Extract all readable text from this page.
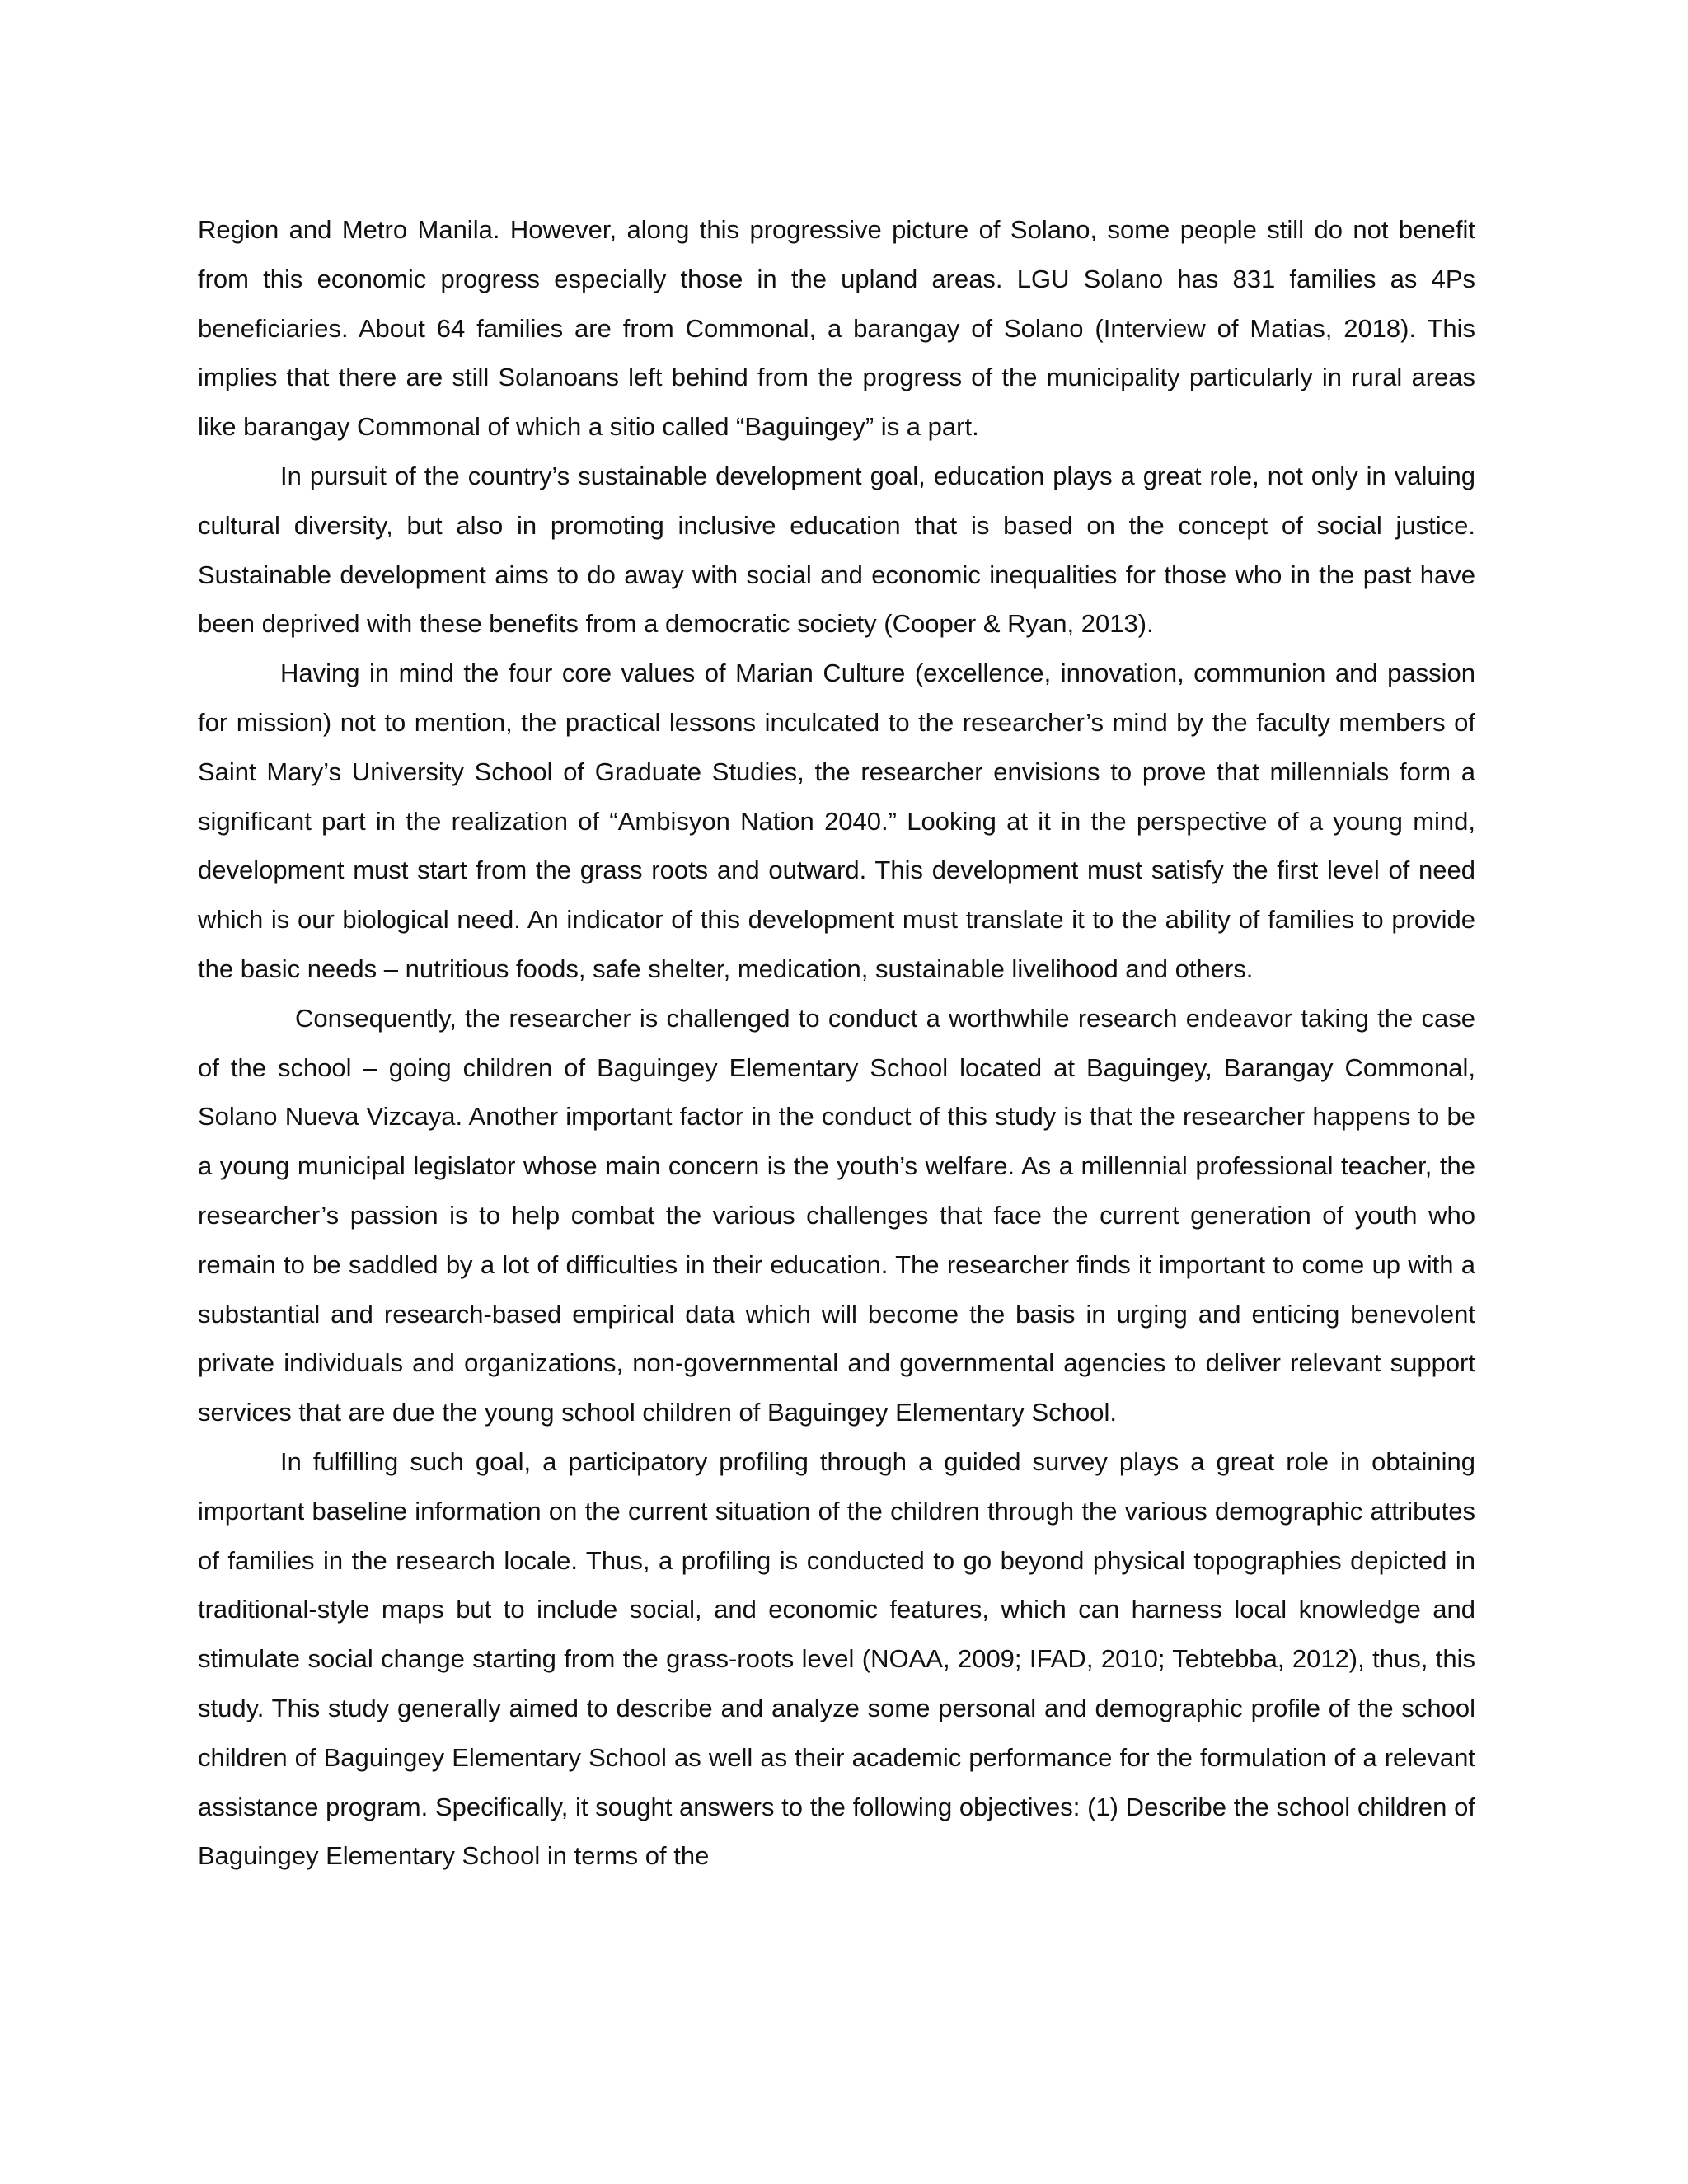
Region and Metro Manila. However, along this progressive picture of Solano, some people still do not benefit from this economic progress especially those in the upland areas. LGU Solano has 831 families as 4Ps beneficiaries. About 64 families are from Commonal, a barangay of Solano (Interview of Matias, 2018). This implies that there are still Solanoans left behind from the progress of the municipality particularly in rural areas like barangay Commonal of which a sitio called “Baguingey” is a part.

In pursuit of the country’s sustainable development goal, education plays a great role, not only in valuing cultural diversity, but also in promoting inclusive education that is based on the concept of social justice. Sustainable development aims to do away with social and economic inequalities for those who in the past have been deprived with these benefits from a democratic society (Cooper & Ryan, 2013).

Having in mind the four core values of Marian Culture (excellence, innovation, communion and passion for mission) not to mention, the practical lessons inculcated to the researcher’s mind by the faculty members of Saint Mary’s University School of Graduate Studies, the researcher envisions to prove that millennials form a significant part in the realization of “Ambisyon Nation 2040.” Looking at it in the perspective of a young mind, development must start from the grass roots and outward. This development must satisfy the first level of need which is our biological need. An indicator of this development must translate it to the ability of families to provide the basic needs – nutritious foods, safe shelter, medication, sustainable livelihood and others.

Consequently, the researcher is challenged to conduct a worthwhile research endeavor taking the case of the school – going children of Baguingey Elementary School located at Baguingey, Barangay Commonal, Solano Nueva Vizcaya. Another important factor in the conduct of this study is that the researcher happens to be a young municipal legislator whose main concern is the youth’s welfare. As a millennial professional teacher, the researcher’s passion is to help combat the various challenges that face the current generation of youth who remain to be saddled by a lot of difficulties in their education. The researcher finds it important to come up with a substantial and research-based empirical data which will become the basis in urging and enticing benevolent private individuals and organizations, non-governmental and governmental agencies to deliver relevant support services that are due the young school children of Baguingey Elementary School.

In fulfilling such goal, a participatory profiling through a guided survey plays a great role in obtaining important baseline information on the current situation of the children through the various demographic attributes of families in the research locale. Thus, a profiling is conducted to go beyond physical topographies depicted in traditional-style maps but to include social, and economic features, which can harness local knowledge and stimulate social change starting from the grass-roots level (NOAA, 2009; IFAD, 2010; Tebtebba, 2012), thus, this study. This study generally aimed to describe and analyze some personal and demographic profile of the school children of Baguingey Elementary School as well as their academic performance for the formulation of a relevant assistance program. Specifically, it sought answers to the following objectives: (1) Describe the school children of Baguingey Elementary School in terms of the
